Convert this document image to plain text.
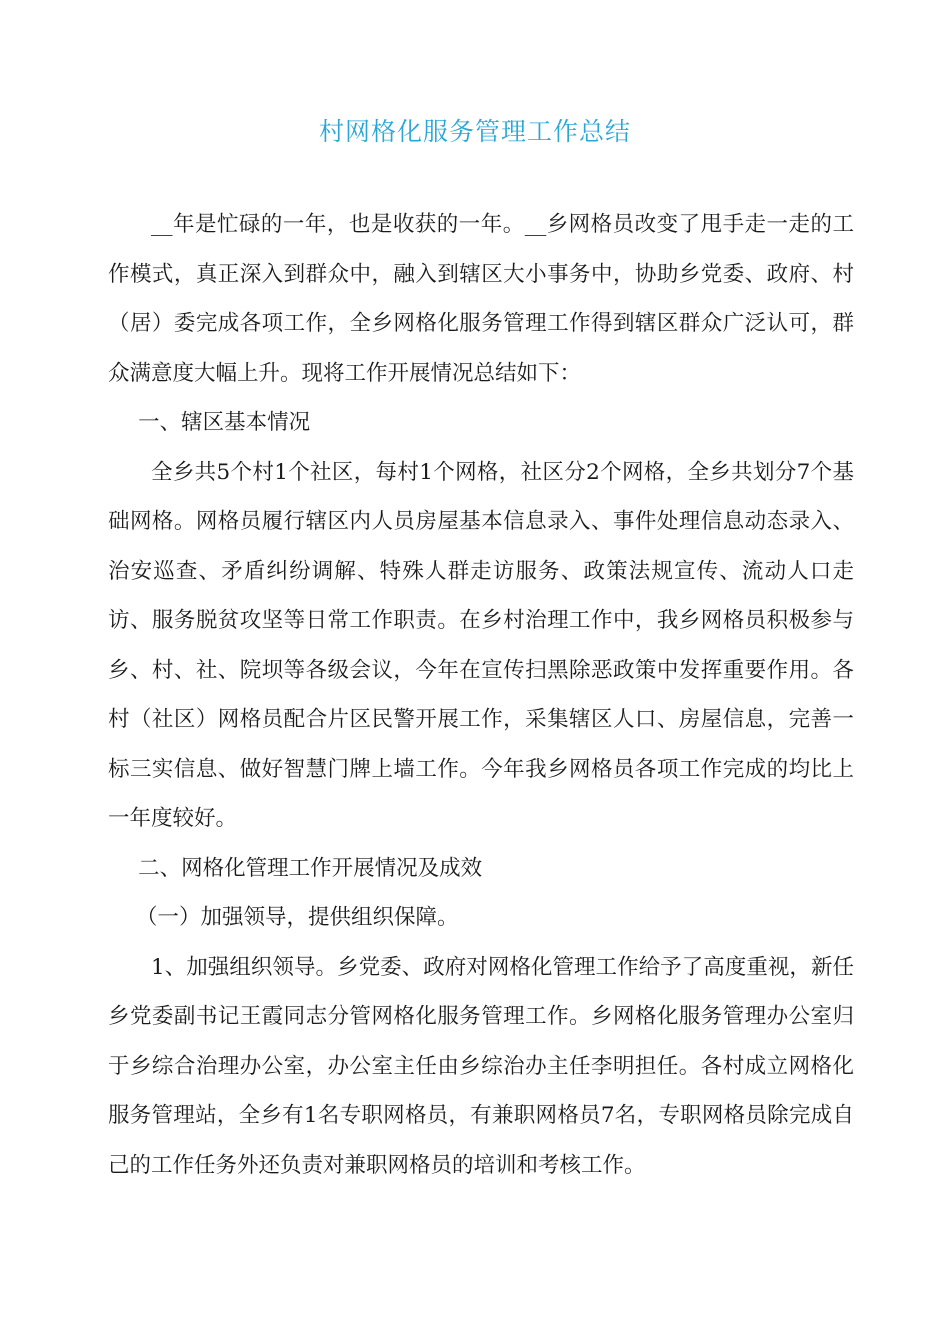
村网格化服务管理工作总结

__年是忙碌的一年，也是收获的一年。__乡网格员改变了甩手走一走的工作模式，真正深入到群众中，融入到辖区大小事务中，协助乡党委、政府、村（居）委完成各项工作，全乡网格化服务管理工作得到辖区群众广泛认可，群众满意度大幅上升。现将工作开展情况总结如下：

一、辖区基本情况

全乡共5个村1个社区，每村1个网格，社区分2个网格，全乡共划分7个基础网格。网格员履行辖区内人员房屋基本信息录入、事件处理信息动态录入、治安巡查、矛盾纠纷调解、特殊人群走访服务、政策法规宣传、流动人口走访、服务脱贫攻坚等日常工作职责。在乡村治理工作中，我乡网格员积极参与乡、村、社、院坝等各级会议，今年在宣传扫黑除恶政策中发挥重要作用。各村（社区）网格员配合片区民警开展工作，采集辖区人口、房屋信息，完善一标三实信息、做好智慧门牌上墙工作。今年我乡网格员各项工作完成的均比上一年度较好。

二、网格化管理工作开展情况及成效

（一）加强领导，提供组织保障。

1、加强组织领导。乡党委、政府对网格化管理工作给予了高度重视，新任乡党委副书记王霞同志分管网格化服务管理工作。乡网格化服务管理办公室归于乡综合治理办公室，办公室主任由乡综治办主任李明担任。各村成立网格化服务管理站，全乡有1名专职网格员，有兼职网格员7名，专职网格员除完成自己的工作任务外还负责对兼职网格员的培训和考核工作。
